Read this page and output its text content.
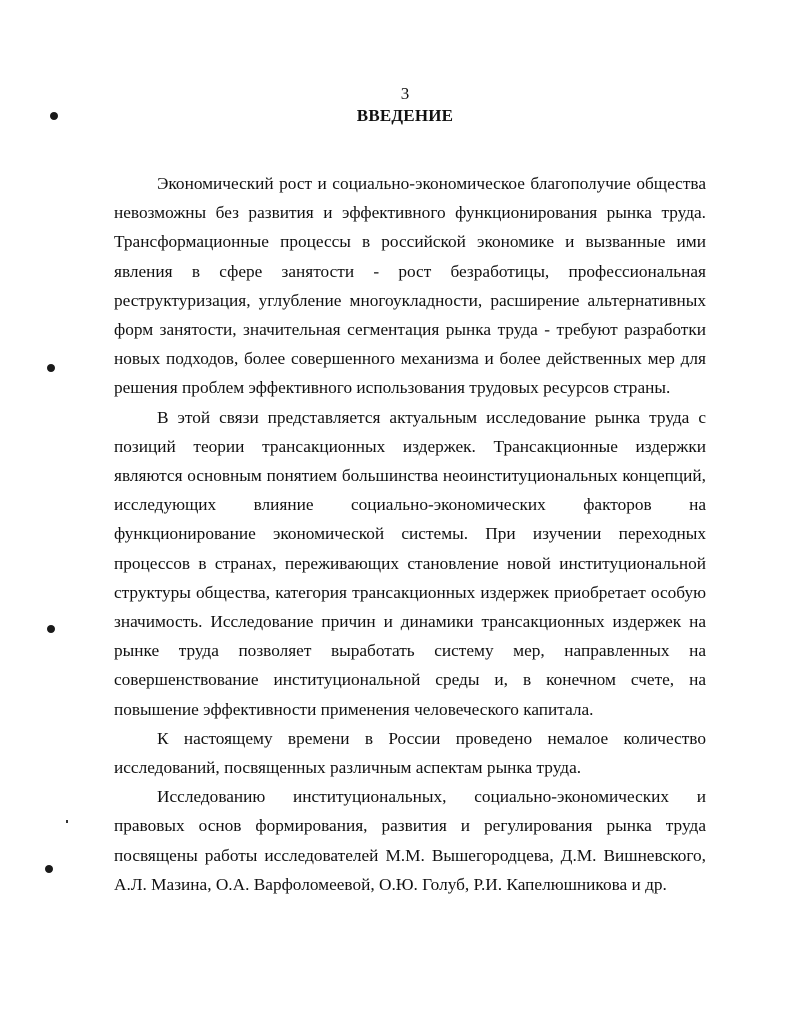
3
ВВЕДЕНИЕ

Экономический рост и социально-экономическое благополучие общества невозможны без развития и эффективного функционирования рынка труда. Трансформационные процессы в российской экономике и вызванные ими явления в сфере занятости - рост безработицы, профессиональная реструктуризация, углубление многоукладности, расширение альтернативных форм занятости, значительная сегментация рынка труда - требуют разработки новых подходов, более совершенного механизма и более действенных мер для решения проблем эффективного использования трудовых ресурсов страны.

В этой связи представляется актуальным исследование рынка труда с позиций теории трансакционных издержек. Трансакционные издержки являются основным понятием большинства неоинституциональных концепций, исследующих влияние социально-экономических факторов на функционирование экономической системы. При изучении переходных процессов в странах, переживающих становление новой институциональной структуры общества, категория трансакционных издержек приобретает особую значимость. Исследование причин и динамики трансакционных издержек на рынке труда позволяет выработать систему мер, направленных на совершенствование институциональной среды и, в конечном счете, на повышение эффективности применения человеческого капитала.

К настоящему времени в России проведено немалое количество исследований, посвященных различным аспектам рынка труда.

Исследованию институциональных, социально-экономических и правовых основ формирования, развития и регулирования рынка труда посвящены работы исследователей М.М. Вышегородцева, Д.М. Вишневского, А.Л. Мазина, О.А. Варфоломеевой, О.Ю. Голуб, Р.И. Капелюшникова и др.
